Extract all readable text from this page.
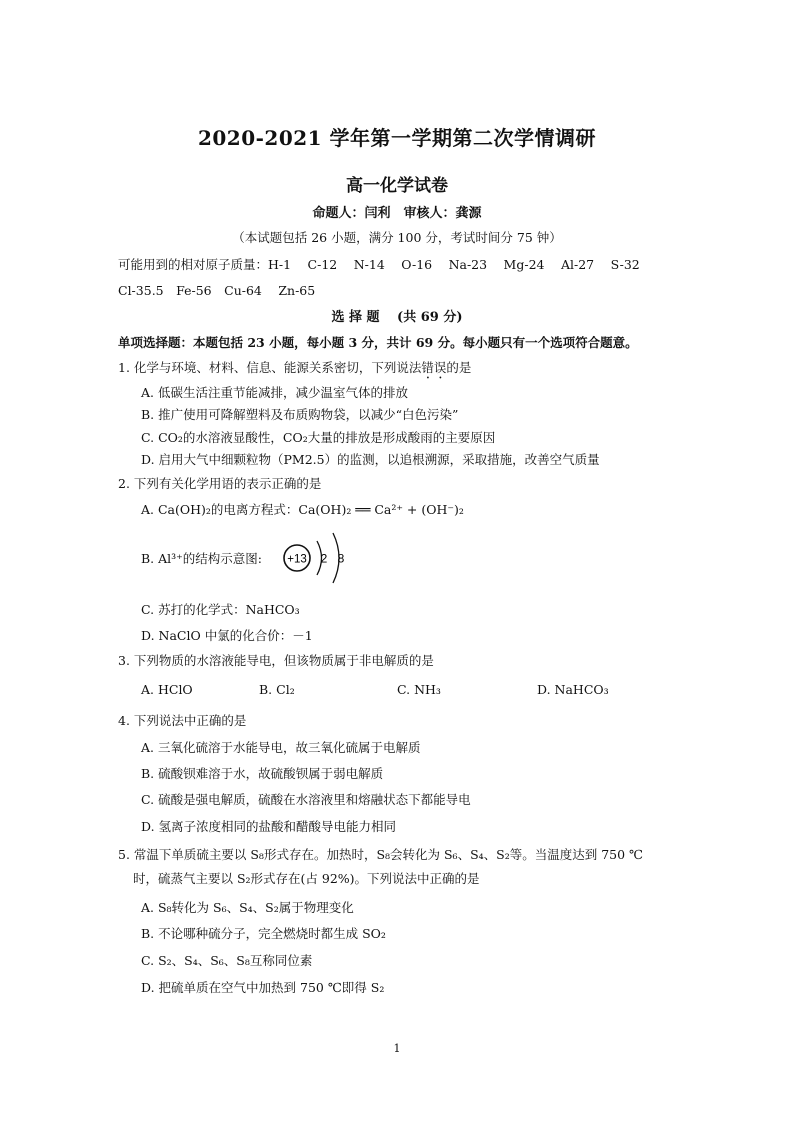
2020-2021 学年第一学期第二次学情调研
高一化学试卷
命题人：闫利　审核人：龚源
（本试题包括 26 小题，满分 100 分，考试时间分 75 钟）
可能用到的相对原子质量：H-1　 C-12　 N-14　 O-16　 Na-23　 Mg-24　 Al-27　 S-32
Cl-35.5　Fe-56　Cu-64　 Zn-65
选 择 题　 (共 69 分)
单项选择题：本题包括 23 小题，每小题 3 分，共计 69 分。每小题只有一个选项符合题意。
1. 化学与环境、材料、信息、能源关系密切，下列说法错误的是
A. 低碳生活注重节能减排，减少温室气体的排放
B. 推广使用可降解塑料及布质购物袋，以减少“白色污染”
C. CO₂的水溶液显酸性，CO₂大量的排放是形成酸雨的主要原因
D. 启用大气中细颗粒物（PM2.5）的监测，以追根溯源，采取措施，改善空气质量
2. 下列有关化学用语的表示正确的是
A. Ca(OH)₂的电离方程式：Ca(OH)₂ ══ Ca²⁺ + (OH⁻)₂
B. Al³⁺的结构示意图: +13 2 8
C. 苏打的化学式：NaHCO₃
D. NaClO 中氯的化合价：－1
3. 下列物质的水溶液能导电，但该物质属于非电解质的是
A. HClO	B. Cl₂	C. NH₃	D. NaHCO₃
4. 下列说法中正确的是
A. 三氧化硫溶于水能导电，故三氧化硫属于电解质
B. 硫酸钡难溶于水，故硫酸钡属于弱电解质
C. 硫酸是强电解质，硫酸在水溶液里和熔融状态下都能导电
D. 氢离子浓度相同的盐酸和醋酸导电能力相同
5. 常温下单质硫主要以 S₈形式存在。加热时，S₈会转化为 S₆、S₄、S₂等。当温度达到 750 ℃
时，硫蒸气主要以 S₂形式存在(占 92%)。下列说法中正确的是
A. S₈转化为 S₆、S₄、S₂属于物理变化
B. 不论哪种硫分子，完全燃烧时都生成 SO₂
C. S₂、S₄、S₆、S₈互称同位素
D. 把硫单质在空气中加热到 750 ℃即得 S₂
1
